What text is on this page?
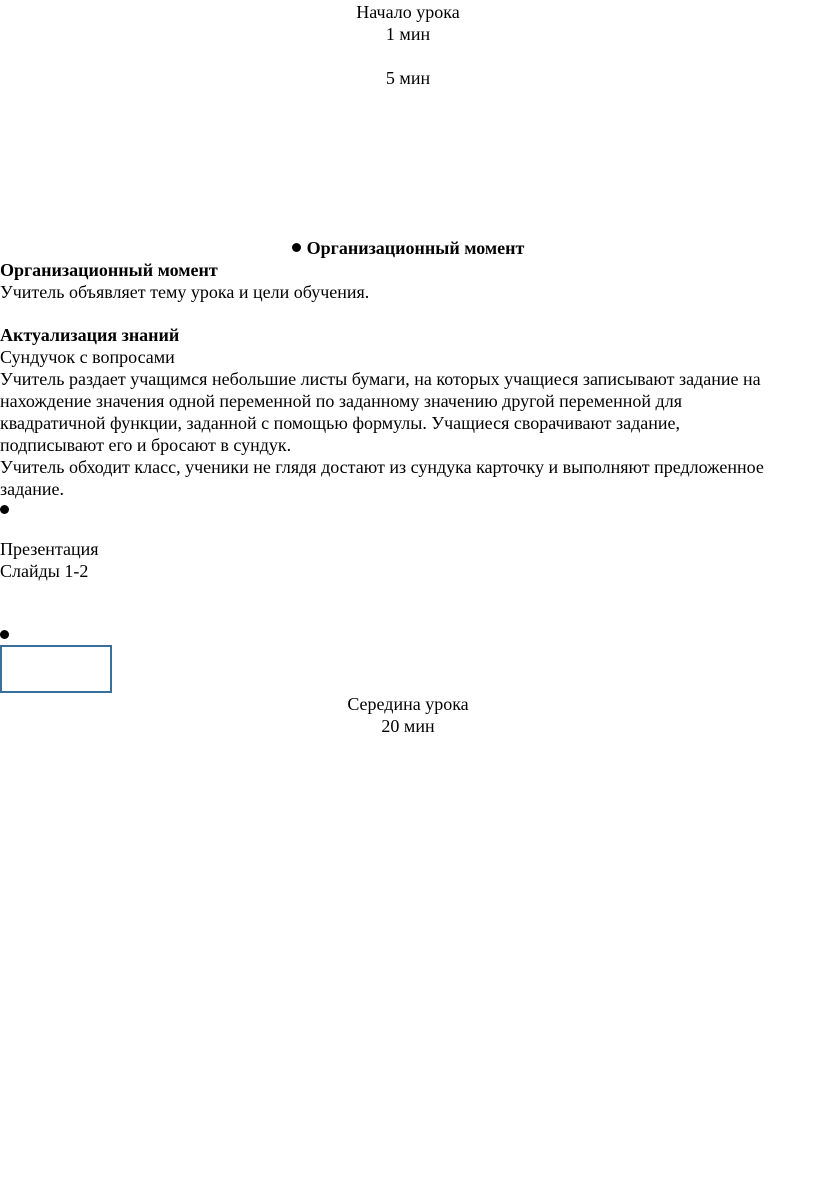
Начало урока
1 мин
5 мин
Организационный момент
Организационный момент
Учитель объявляет тему урока и цели обучения.
Актуализация знаний
Сундучок с вопросами
Учитель раздает учащимся небольшие листы бумаги, на которых учащиеся записывают задание на
нахождение значения одной переменной по заданному значению другой переменной для
квадратичной функции, заданной с помощью формулы. Учащиеся сворачивают задание,
подписывают его и бросают в сундук.
Учитель обходит класс, ученики не глядя достают из сундука карточку и выполняют предложенное
задание.
Презентация
Слайды 1-2
Середина урока
20 мин
